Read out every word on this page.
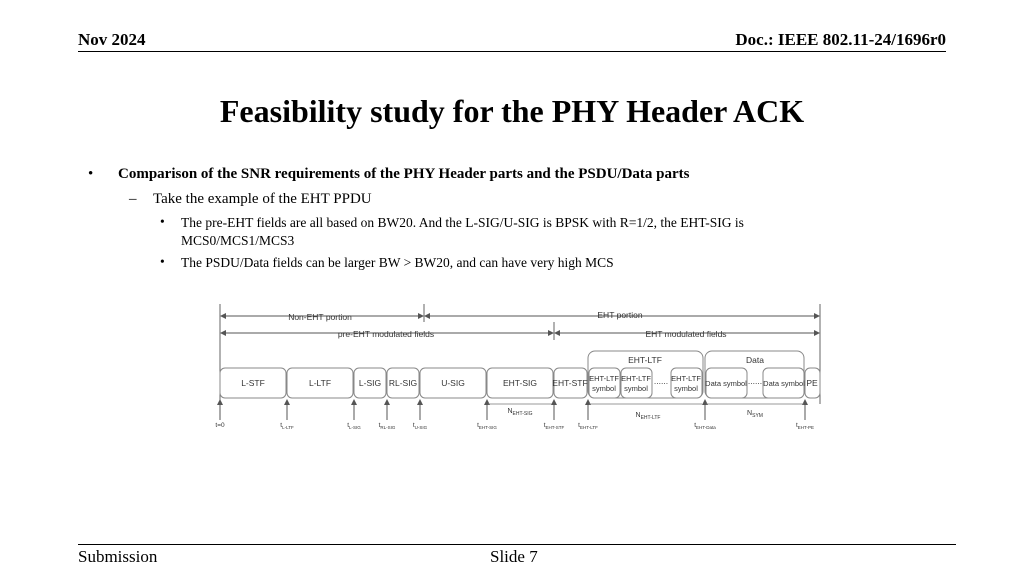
Nov 2024	Doc.: IEEE 802.11-24/1696r0
Feasibility study for the PHY Header ACK
• Comparison of the SNR requirements of the PHY Header parts and the PSDU/Data parts
– Take the example of the EHT PPDU
• The pre-EHT fields are all based on BW20. And the L-SIG/U-SIG is BPSK with R=1/2, the EHT-SIG is MCS0/MCS1/MCS3
• The PSDU/Data fields can be larger BW > BW20, and can have very high MCS
Non-EHT portion	EHT portion
pre-EHT modulated fields	EHT modulated fields
EHT-LTF	Data
L-STF	L-LTF	L-SIG RL-SIG	U-SIG	EHT-SIG EHT-STF	Data symbol
Data symbol	PE
......	......
EHT-LTF symbol
EHT-LTF symbol
EHT-LTF symbol
$N_{EHT-SIG}$	$N_{EHT-LTF}$
$N_{SYM}$
t=0	$t_{L-LTF}$	$t_{L-SIG}$	$t_{RL-SIG}$	$t_{U-SIG}$	$t_{EHT-SIG}$	$t_{EHT-STF}$ $t_{EHT-LTF}$	$t_{EHT-Data}$	$t_{EHT-PE}$
Submission	Slide 7
